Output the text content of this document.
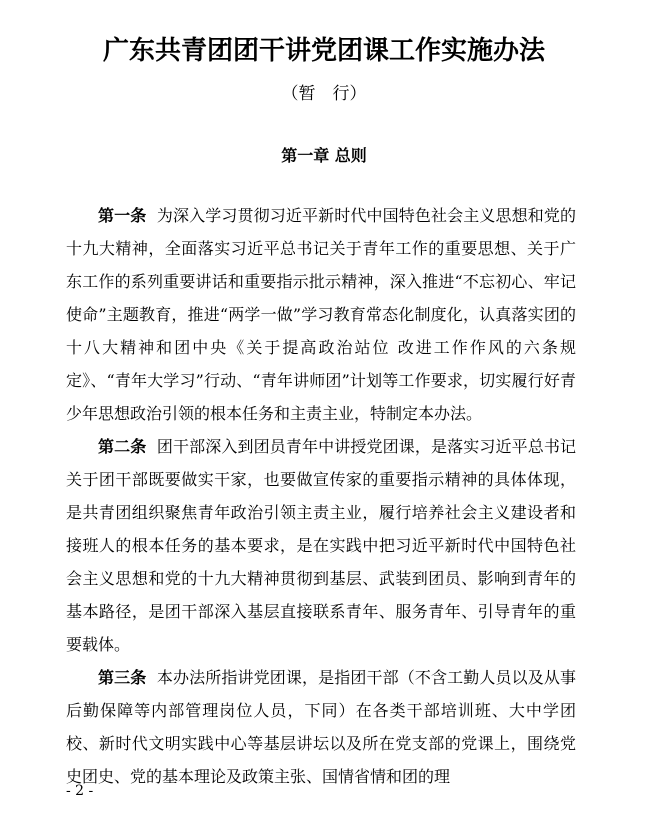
广东共青团团干讲党团课工作实施办法
（暂　行）
第一章 总则

第一条 为深入学习贯彻习近平新时代中国特色社会主义思想和党的十九大精神，全面落实习近平总书记关于青年工作的重要思想、关于广东工作的系列重要讲话和重要指示批示精神，深入推进“不忘初心、牢记使命”主题教育，推进“两学一做”学习教育常态化制度化，认真落实团的十八大精神和团中央《关于提高政治站位 改进工作作风的六条规定》、“青年大学习”行动、“青年讲师团”计划等工作要求，切实履行好青少年思想政治引领的根本任务和主责主业，特制定本办法。

第二条 团干部深入到团员青年中讲授党团课，是落实习近平总书记关于团干部既要做实干家，也要做宣传家的重要指示精神的具体体现，是共青团组织聚焦青年政治引领主责主业，履行培养社会主义建设者和接班人的根本任务的基本要求，是在实践中把习近平新时代中国特色社会主义思想和党的十九大精神贯彻到基层、武装到团员、影响到青年的基本路径，是团干部深入基层直接联系青年、服务青年、引导青年的重要载体。

第三条 本办法所指讲党团课，是指团干部（不含工勤人员以及从事后勤保障等内部管理岗位人员，下同）在各类干部培训班、大中学团校、新时代文明实践中心等基层讲坛以及所在党支部的党课上，围绕党史团史、党的基本理论及政策主张、国情省情和团的理

- 2 -
